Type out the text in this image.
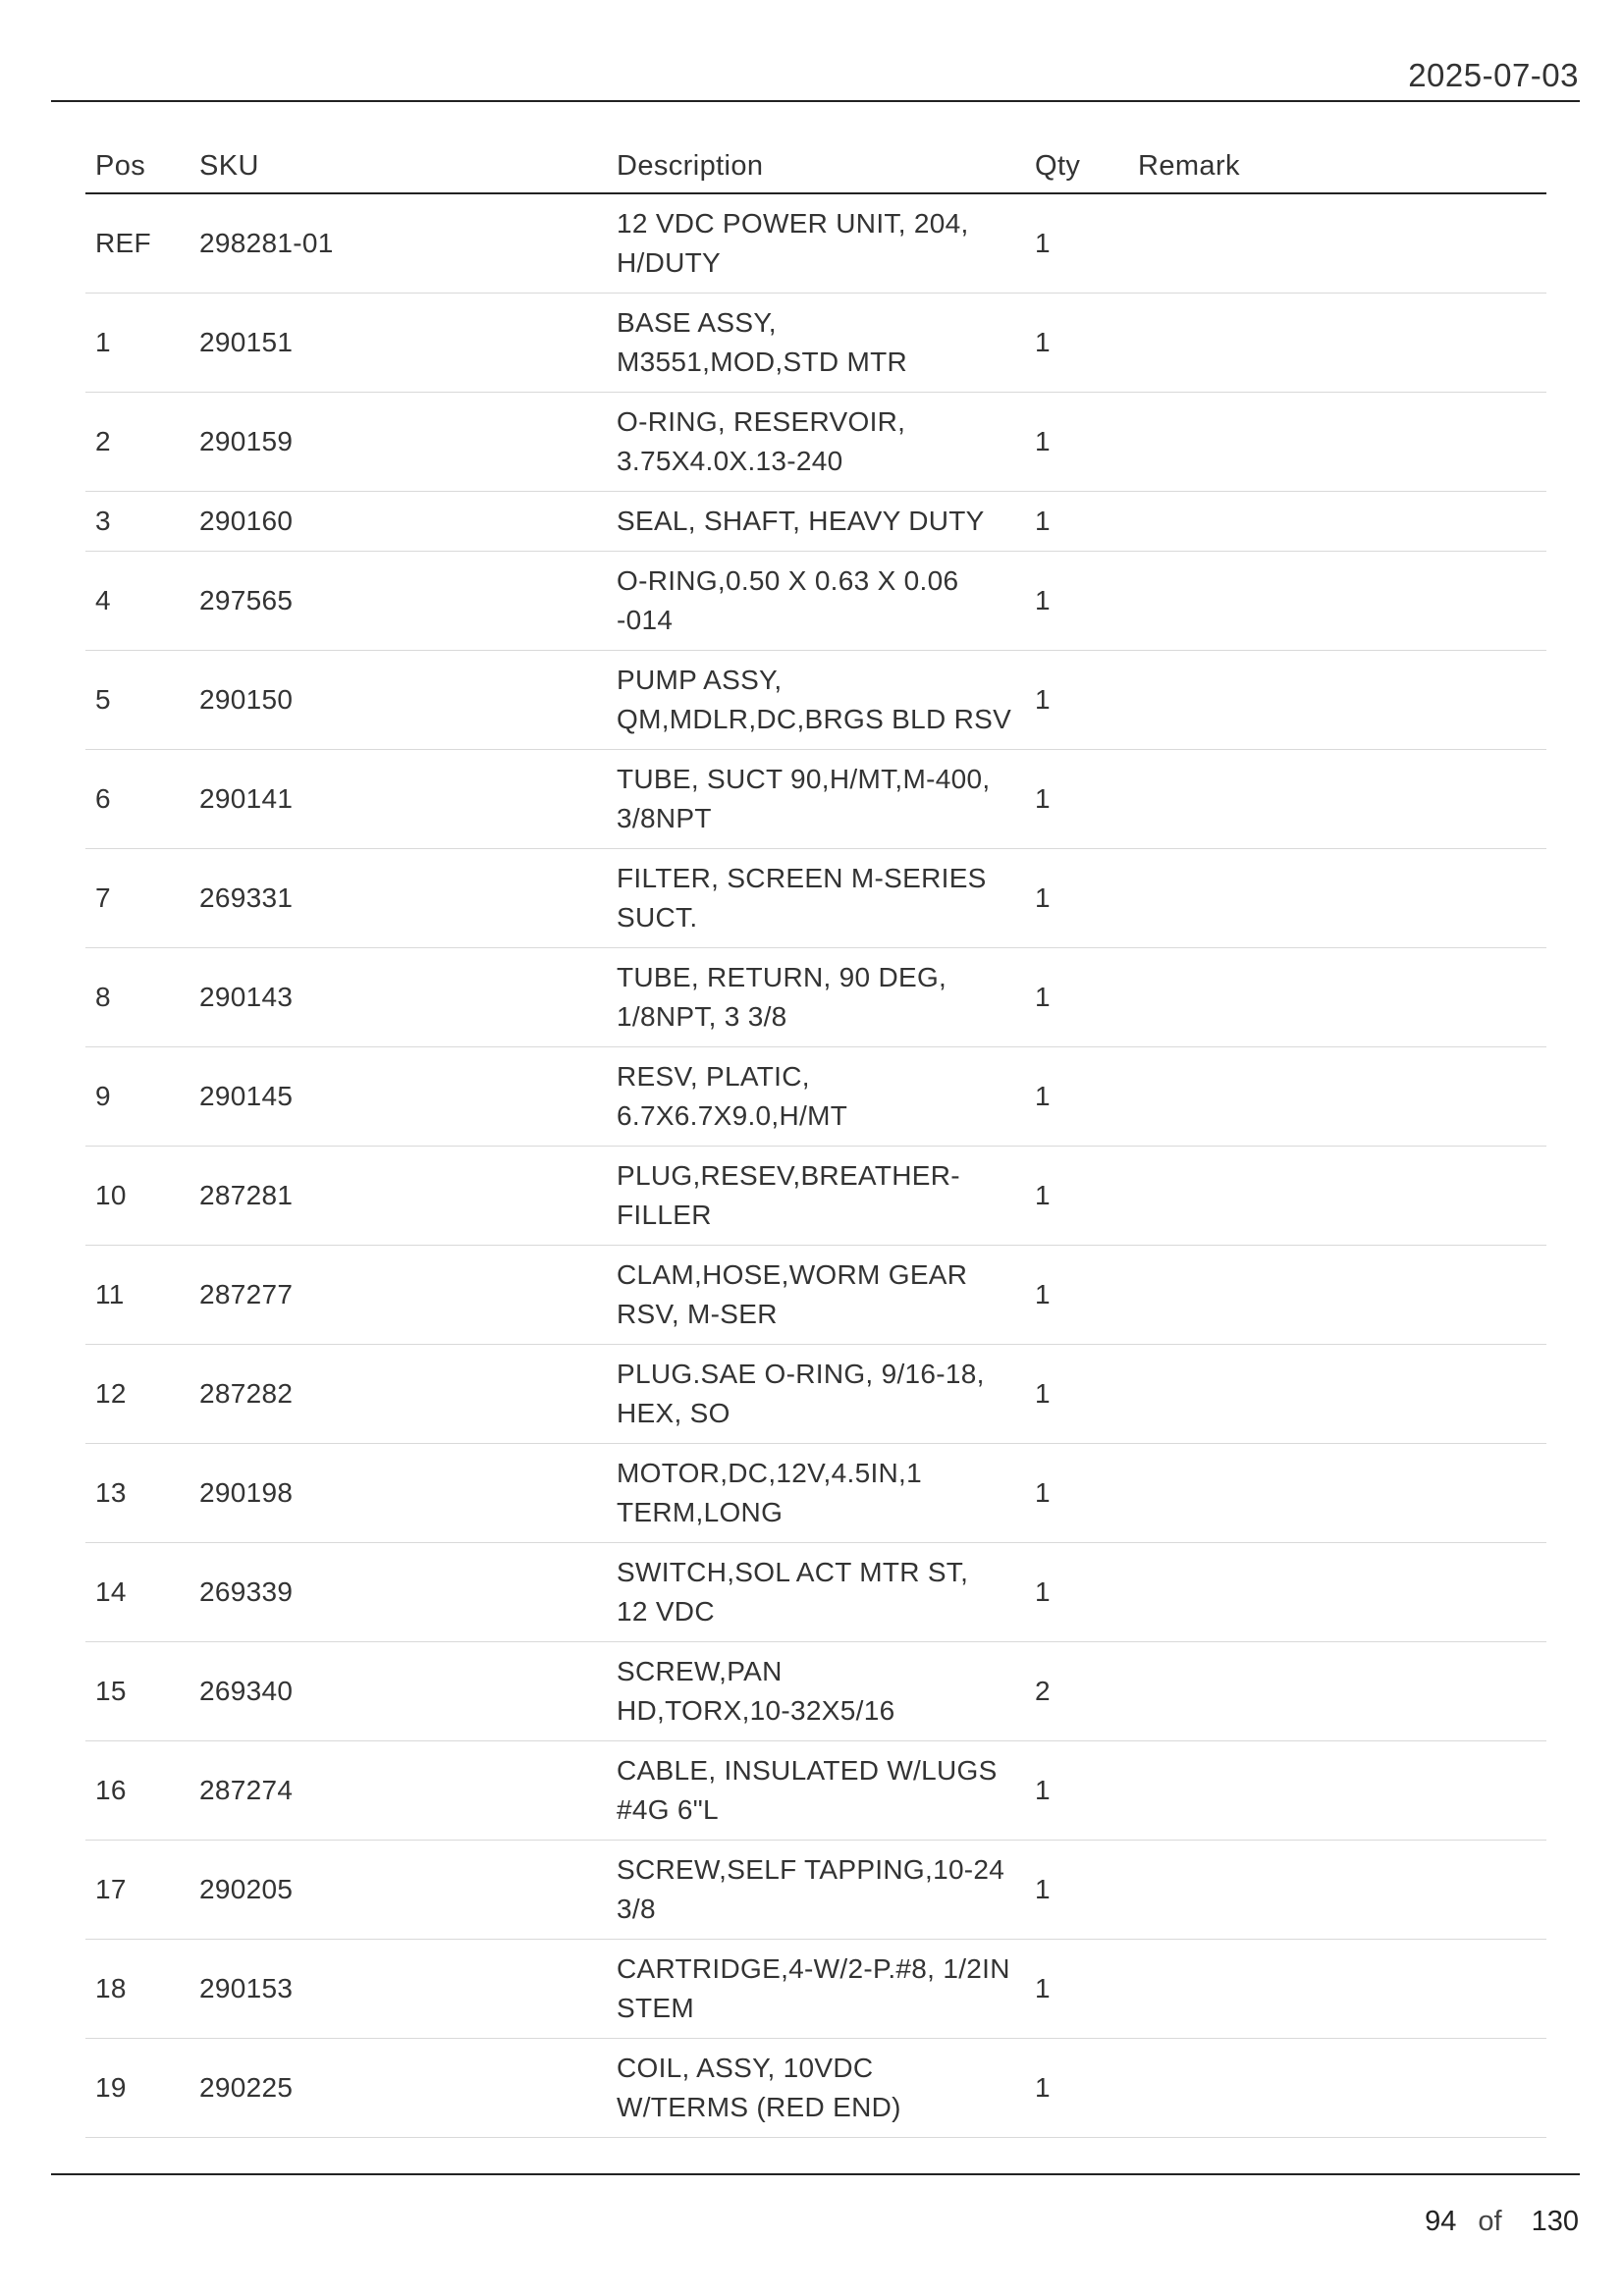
2025-07-03
Pos	SKU	Description	Qty	Remark
REF	298281-01	12 VDC POWER UNIT, 204,
H/DUTY	1	
1	290151	BASE ASSY,
M3551,MOD,STD MTR	1	
2	290159	O-RING, RESERVOIR,
3.75X4.0X.13-240	1	
3	290160	SEAL, SHAFT, HEAVY DUTY	1	
4	297565	O-RING,0.50 X 0.63 X 0.06
-014	1	
5	290150	PUMP ASSY,
QM,MDLR,DC,BRGS BLD RSV	1	
6	290141	TUBE, SUCT 90,H/MT,M-400,
3/8NPT	1	
7	269331	FILTER, SCREEN M-SERIES
SUCT.	1	
8	290143	TUBE, RETURN, 90 DEG,
1/8NPT, 3 3/8	1	
9	290145	RESV, PLATIC,
6.7X6.7X9.0,H/MT	1	
10	287281	PLUG,RESEV,BREATHER-
FILLER	1	
11	287277	CLAM,HOSE,WORM GEAR
RSV, M-SER	1	
12	287282	PLUG.SAE O-RING, 9/16-18,
HEX, SO	1	
13	290198	MOTOR,DC,12V,4.5IN,1
TERM,LONG	1	
14	269339	SWITCH,SOL ACT MTR ST,
12 VDC	1	
15	269340	SCREW,PAN
HD,TORX,10-32X5/16	2	
16	287274	CABLE, INSULATED W/LUGS
#4G 6"L	1	
17	290205	SCREW,SELF TAPPING,10-24
3/8	1	
18	290153	CARTRIDGE,4-W/2-P.#8, 1/2IN
STEM	1	
19	290225	COIL, ASSY, 10VDC
W/TERMS (RED END)	1	
94 of 130
